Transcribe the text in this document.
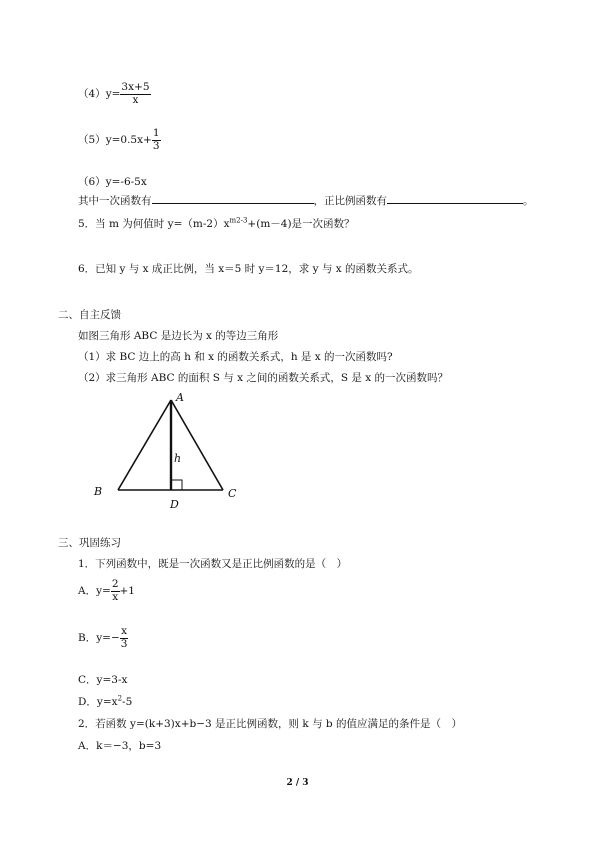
$(4)y= \frac{3x+5}{x}$
$(5)y=0.5x+ \frac{1}{3}$
（6）y=-6-5x
其中一次函数有	，正比例函数有	。
5．当 m 为何值时 $y=(m-2)x^{m2-3}+(m-4)$是一次函数？
6．已知 y 与 x 成正比例，当 x＝5 时 y＝12，求 y 与 x 的函数关系式。
二、自主反馈
如图三角形 ABC 是边长为 x 的等边三角形
（1）求 BC 边上的高 h 和 x 的函数关系式，h 是 x 的一次函数吗?
（2）求三角形 ABC 的面积 S 与 x 之间的函数关系式，S 是 x 的一次函数吗？
A
B	C
D
h
三、巩固练习
1．下列函数中，既是一次函数又是正比例函数的是（　）
A．$y= \frac{2}{x} +1$
B．$y=- \frac{x}{3}$
C．y=3-x
D．$y=x^2-5$
2．若函数 y=(k+3)x+b−3 是正比例函数，则 k 与 b 的值应满足的条件是（　）
A．k＝−3，b=3
2 / 3
